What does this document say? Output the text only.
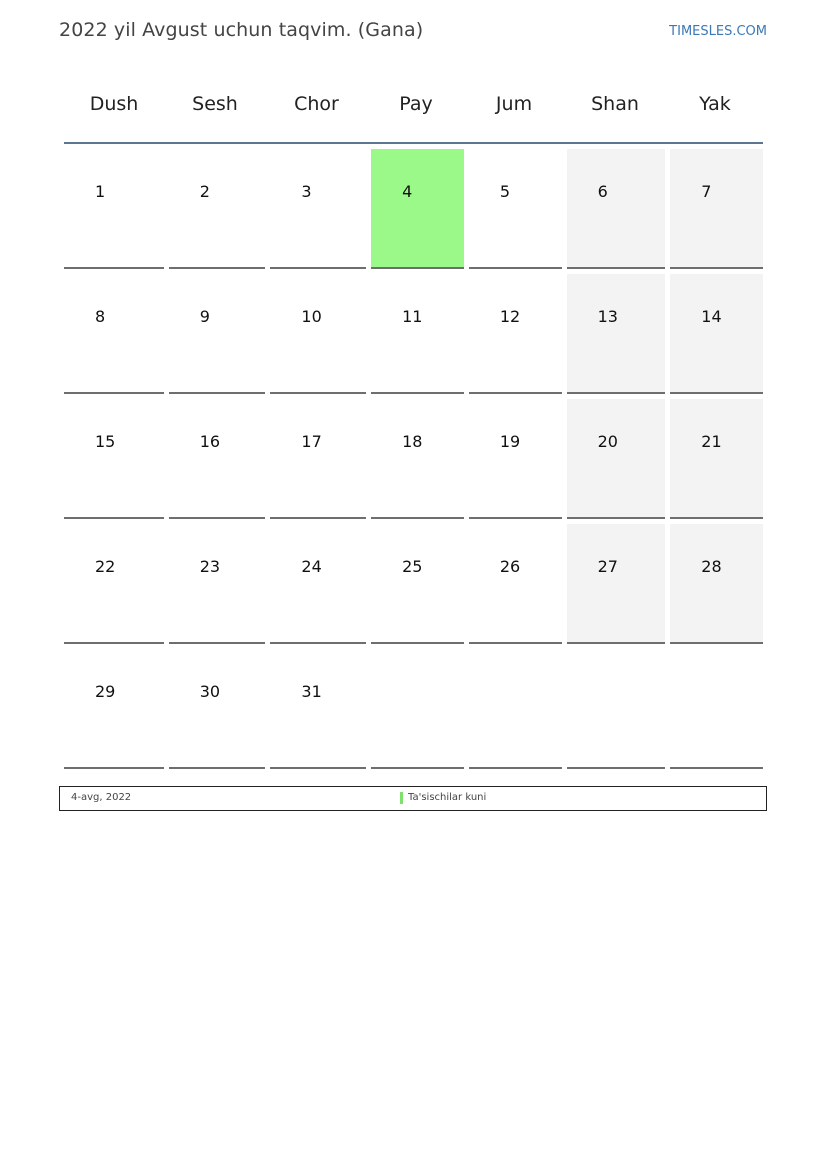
2022 yil Avgust uchun taqvim. (Gana)	TIMESLES.COM
Dush	Sesh	Chor	Pay	Jum	Shan	Yak
1	2	3	4	5	6	7
8	9	10	11	12	13	14
15	16	17	18	19	20	21
22	23	24	25	26	27	28
29	30	31
4-avg, 2022	Ta'sischilar kuni
